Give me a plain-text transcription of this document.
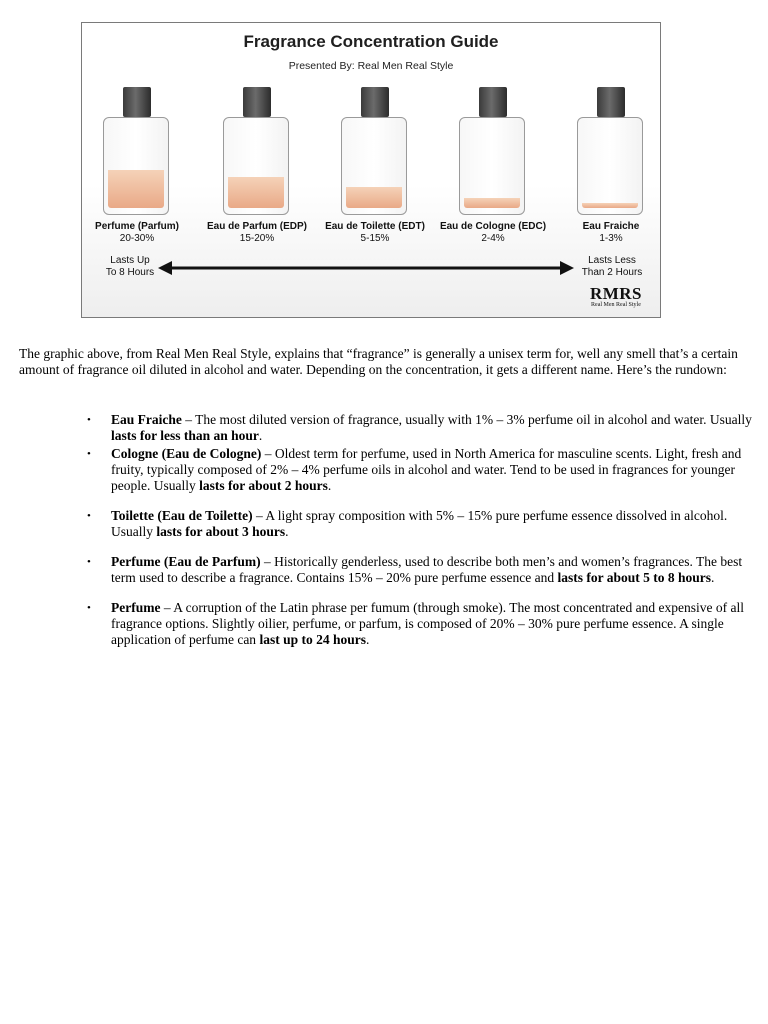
Fragrance Concentration Guide
Presented By: Real Men Real Style
Perfume (Parfum)
20-30%
Eau de Parfum (EDP)
15-20%
Eau de Toilette (EDT)
5-15%
Eau de Cologne (EDC)
2-4%
Eau Fraiche
1-3%
Lasts Up
To 8 Hours
Lasts Less
Than 2 Hours
RMRS
Real Men Real Style

The graphic above, from Real Men Real Style, explains that “fragrance” is generally a unisex term for, well any smell that’s a certain amount of fragrance oil diluted in alcohol and water. Depending on the concentration, it gets a different name. Here’s the rundown:

• Eau Fraiche – The most diluted version of fragrance, usually with 1% – 3% perfume oil in alcohol and water. Usually lasts for less than an hour.
• Cologne (Eau de Cologne) – Oldest term for perfume, used in North America for masculine scents. Light, fresh and fruity, typically composed of 2% – 4% perfume oils in alcohol and water. Tend to be used in fragrances for younger people. Usually lasts for about 2 hours.
• Toilette (Eau de Toilette) – A light spray composition with 5% – 15% pure perfume essence dissolved in alcohol. Usually lasts for about 3 hours.
• Perfume (Eau de Parfum) – Historically genderless, used to describe both men’s and women’s fragrances. The best term used to describe a fragrance. Contains 15% – 20% pure perfume essence and lasts for about 5 to 8 hours.
• Perfume – A corruption of the Latin phrase per fumum (through smoke). The most concentrated and expensive of all fragrance options. Slightly oilier, perfume, or parfum, is composed of 20% – 30% pure perfume essence. A single application of perfume can last up to 24 hours.
